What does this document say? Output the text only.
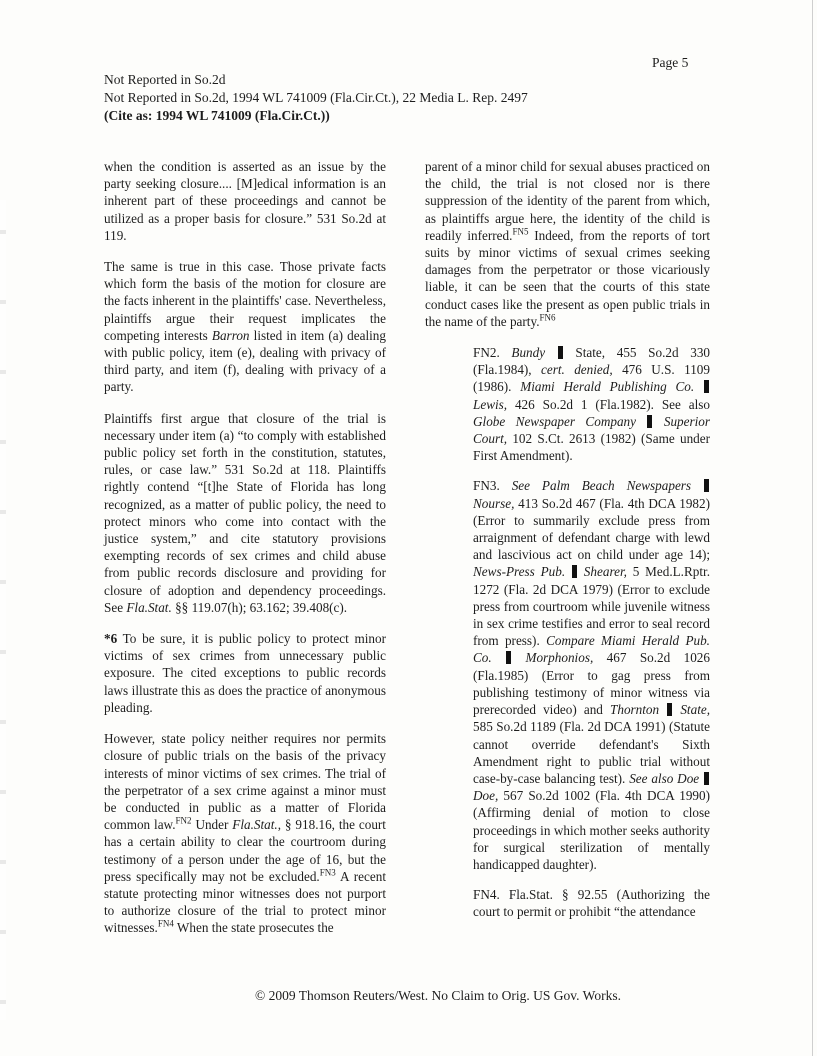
Page 5
Not Reported in So.2d
Not Reported in So.2d, 1994 WL 741009 (Fla.Cir.Ct.), 22 Media L. Rep. 2497
(Cite as: 1994 WL 741009 (Fla.Cir.Ct.))

when the condition is asserted as an issue by the party seeking closure.... [M]edical information is an inherent part of these proceedings and cannot be utilized as a proper basis for closure.” 531 So.2d at 119.

The same is true in this case. Those private facts which form the basis of the motion for closure are the facts inherent in the plaintiffs' case. Nevertheless, plaintiffs argue their request implicates the competing interests Barron listed in item (a) dealing with public policy, item (e), dealing with privacy of third party, and item (f), dealing with privacy of a party.

Plaintiffs first argue that closure of the trial is necessary under item (a) “to comply with established public policy set forth in the constitution, statutes, rules, or case law.” 531 So.2d at 118. Plaintiffs rightly contend “[t]he State of Florida has long recognized, as a matter of public policy, the need to protect minors who come into contact with the justice system,” and cite statutory provisions exempting records of sex crimes and child abuse from public records disclosure and providing for closure of adoption and dependency proceedings. See Fla.Stat. §§ 119.07(h); 63.162; 39.408(c).

*6 To be sure, it is public policy to protect minor victims of sex crimes from unnecessary public exposure. The cited exceptions to public records laws illustrate this as does the practice of anonymous pleading.

However, state policy neither requires nor permits closure of public trials on the basis of the privacy interests of minor victims of sex crimes. The trial of the perpetrator of a sex crime against a minor must be conducted in public as a matter of Florida common law.$^{FN2}$ Under Fla.Stat., § 918.16, the court has a certain ability to clear the courtroom during testimony of a person under the age of 16, but the press specifically may not be excluded.$^{FN3}$ A recent statute protecting minor witnesses does not purport to authorize closure of the trial to protect minor witnesses.$^{FN4}$ When the state prosecutes the

parent of a minor child for sexual abuses practiced on the child, the trial is not closed nor is there suppression of the identity of the parent from which, as plaintiffs argue here, the identity of the child is readily inferred.$^{FN5}$ Indeed, from the reports of tort suits by minor victims of sexual crimes seeking damages from the perpetrator or those vicariously liable, it can be seen that the courts of this state conduct cases like the present as open public trials in the name of the party.$^{FN6}$

FN2. Bundy  State, 455 So.2d 330 (Fla.1984), cert. denied, 476 U.S. 1109 (1986). Miami Herald Publishing Co.  Lewis, 426 So.2d 1 (Fla.1982). See also Globe Newspaper Company  Superior Court, 102 S.Ct. 2613 (1982) (Same under First Amendment).

FN3. See Palm Beach Newspapers  Nourse, 413 So.2d 467 (Fla. 4th DCA 1982) (Error to summarily exclude press from arraignment of defendant charge with lewd and lascivious act on child under age 14); News-Press Pub.  Shearer, 5 Med.L.Rptr. 1272 (Fla. 2d DCA 1979) (Error to exclude press from courtroom while juvenile witness in sex crime testifies and error to seal record from press). Compare Miami Herald Pub. Co.	Morphonios, 467 So.2d 1026 (Fla.1985) (Error to gag press from publishing testimony of minor witness via prerecorded video) and Thornton  State, 585 So.2d 1189 (Fla. 2d DCA 1991) (Statute cannot override defendant's Sixth Amendment right to public trial without case-by-case balancing test). See also Doe  Doe, 567 So.2d 1002 (Fla. 4th DCA 1990) (Affirming denial of motion to close proceedings in which mother seeks authority for surgical sterilization of mentally handicapped daughter).

FN4. Fla.Stat. § 92.55 (Authorizing the court to permit or prohibit “the attendance

© 2009 Thomson Reuters/West. No Claim to Orig. US Gov. Works.
